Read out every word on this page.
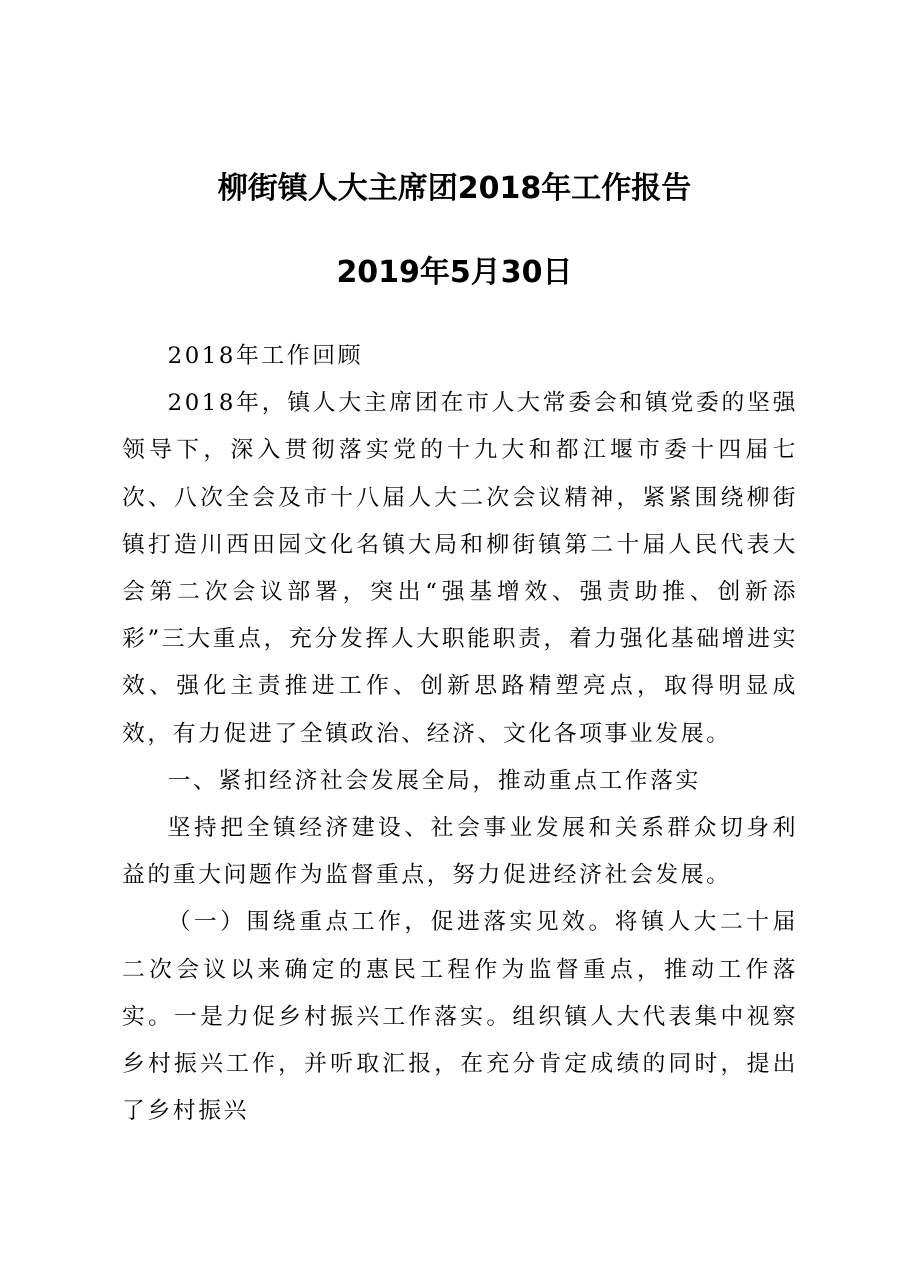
柳街镇人大主席团2018年工作报告
2019年5月30日

2018年工作回顾

2018年，镇人大主席团在市人大常委会和镇党委的坚强领导下，深入贯彻落实党的十九大和都江堰市委十四届七次、八次全会及市十八届人大二次会议精神，紧紧围绕柳街镇打造川西田园文化名镇大局和柳街镇第二十届人民代表大会第二次会议部署，突出“强基增效、强责助推、创新添彩”三大重点，充分发挥人大职能职责，着力强化基础增进实效、强化主责推进工作、创新思路精塑亮点，取得明显成效，有力促进了全镇政治、经济、文化各项事业发展。

一、紧扣经济社会发展全局，推动重点工作落实

坚持把全镇经济建设、社会事业发展和关系群众切身利益的重大问题作为监督重点，努力促进经济社会发展。

（一）围绕重点工作，促进落实见效。将镇人大二十届二次会议以来确定的惠民工程作为监督重点，推动工作落实。一是力促乡村振兴工作落实。组织镇人大代表集中视察乡村振兴工作，并听取汇报，在充分肯定成绩的同时，提出了乡村振兴
